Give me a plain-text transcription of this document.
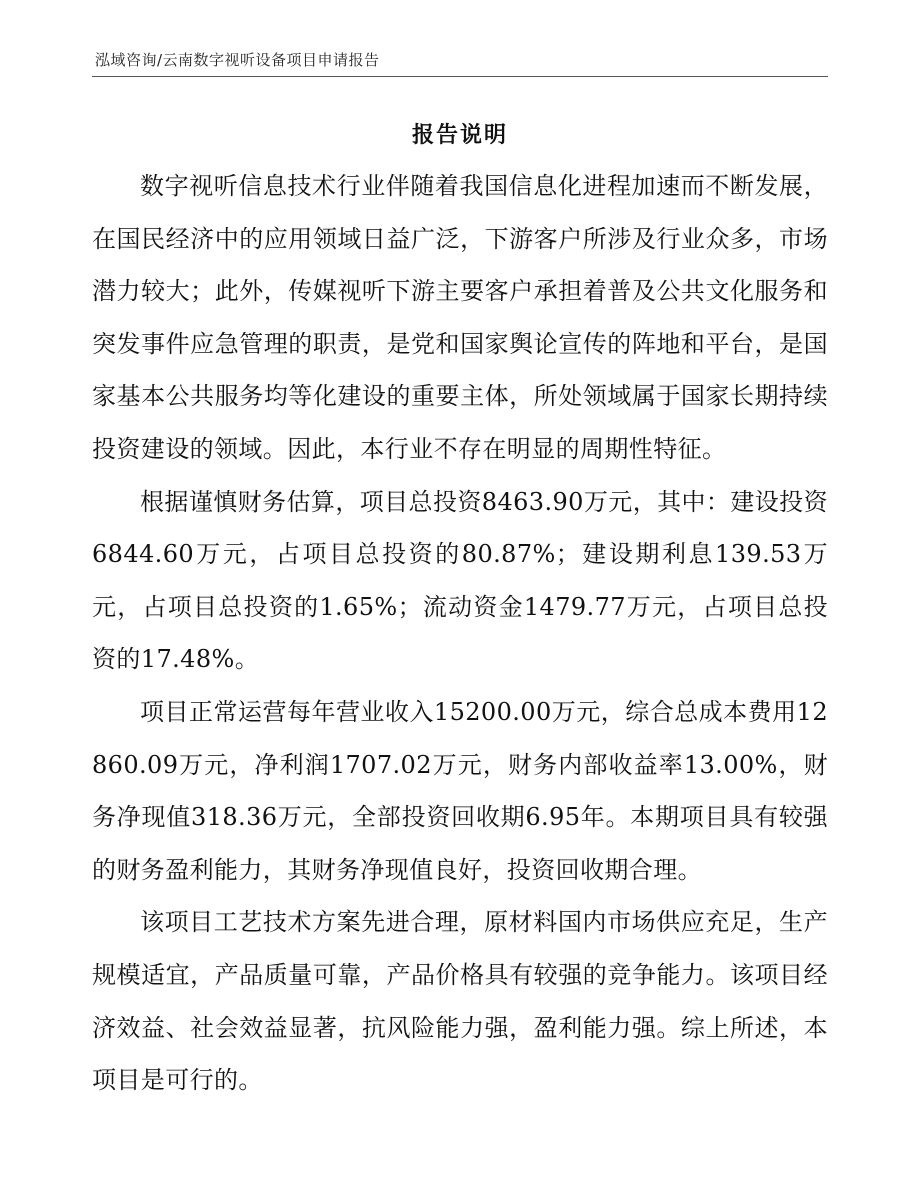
泓域咨询/云南数字视听设备项目申请报告
报告说明

数字视听信息技术行业伴随着我国信息化进程加速而不断发展，在国民经济中的应用领域日益广泛，下游客户所涉及行业众多，市场潜力较大；此外，传媒视听下游主要客户承担着普及公共文化服务和突发事件应急管理的职责，是党和国家舆论宣传的阵地和平台，是国家基本公共服务均等化建设的重要主体，所处领域属于国家长期持续投资建设的领域。因此，本行业不存在明显的周期性特征。

根据谨慎财务估算，项目总投资8463.90万元，其中：建设投资6844.60万元，占项目总投资的80.87%；建设期利息139.53万元，占项目总投资的1.65%；流动资金1479.77万元，占项目总投资的17.48%。

项目正常运营每年营业收入15200.00万元，综合总成本费用12860.09万元，净利润1707.02万元，财务内部收益率13.00%，财务净现值318.36万元，全部投资回收期6.95年。本期项目具有较强的财务盈利能力，其财务净现值良好，投资回收期合理。

该项目工艺技术方案先进合理，原材料国内市场供应充足，生产规模适宜，产品质量可靠，产品价格具有较强的竞争能力。该项目经济效益、社会效益显著，抗风险能力强，盈利能力强。综上所述，本项目是可行的。
